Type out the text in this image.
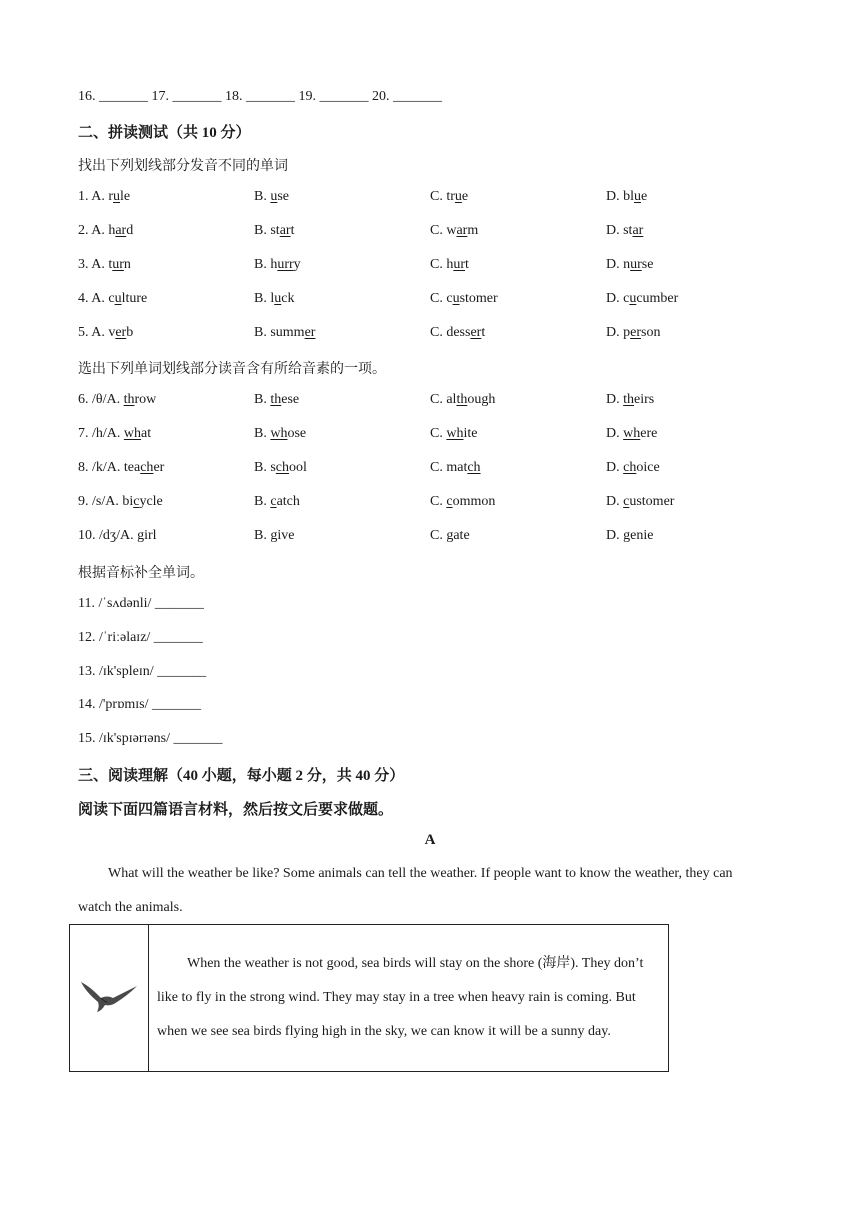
16. _______ 17. _______ 18. _______ 19. _______ 20. _______
二、拼读测试（共 10 分）
找出下列划线部分发音不同的单词
1. A. rule	B. use	C. true	D. blue
2. A. hard	B. start	C. warm	D. star
3. A. turn	B. hurry	C. hurt	D. nurse
4. A. culture	B. luck	C. customer	D. cucumber
5. A. verb	B. summer	C. dessert	D. person
选出下列单词划线部分读音含有所给音素的一项。
6. /θ/A. throw	B. these	C. although	D. theirs
7. /h/A. what	B. whose	C. white	D. where
8. /k/A. teacher	B. school	C. match	D. choice
9. /s/A. bicycle	B. catch	C. common	D. customer
10. /dʒ/A. girl	B. give	C. gate	D. genie
根据音标补全单词。
11. /ˈsʌdənli/ _______
12. /ˈriːəlaɪz/ _______
13. /ɪk'spleɪn/ _______
14. /'prɒmɪs/ _______
15. /ɪk'spɪərɪəns/ _______
三、阅读理解（40 小题，每小题 2 分，共 40 分）
阅读下面四篇语言材料，然后按文后要求做题。
A
What will the weather be like? Some animals can tell the weather. If people want to know the weather, they can watch the animals.
	When the weather is not good, sea birds will stay on the shore (海岸). They don’t like to fly in the strong wind. They may stay in a tree when heavy rain is coming. But when we see sea birds flying high in the sky, we can know it will be a sunny day.
